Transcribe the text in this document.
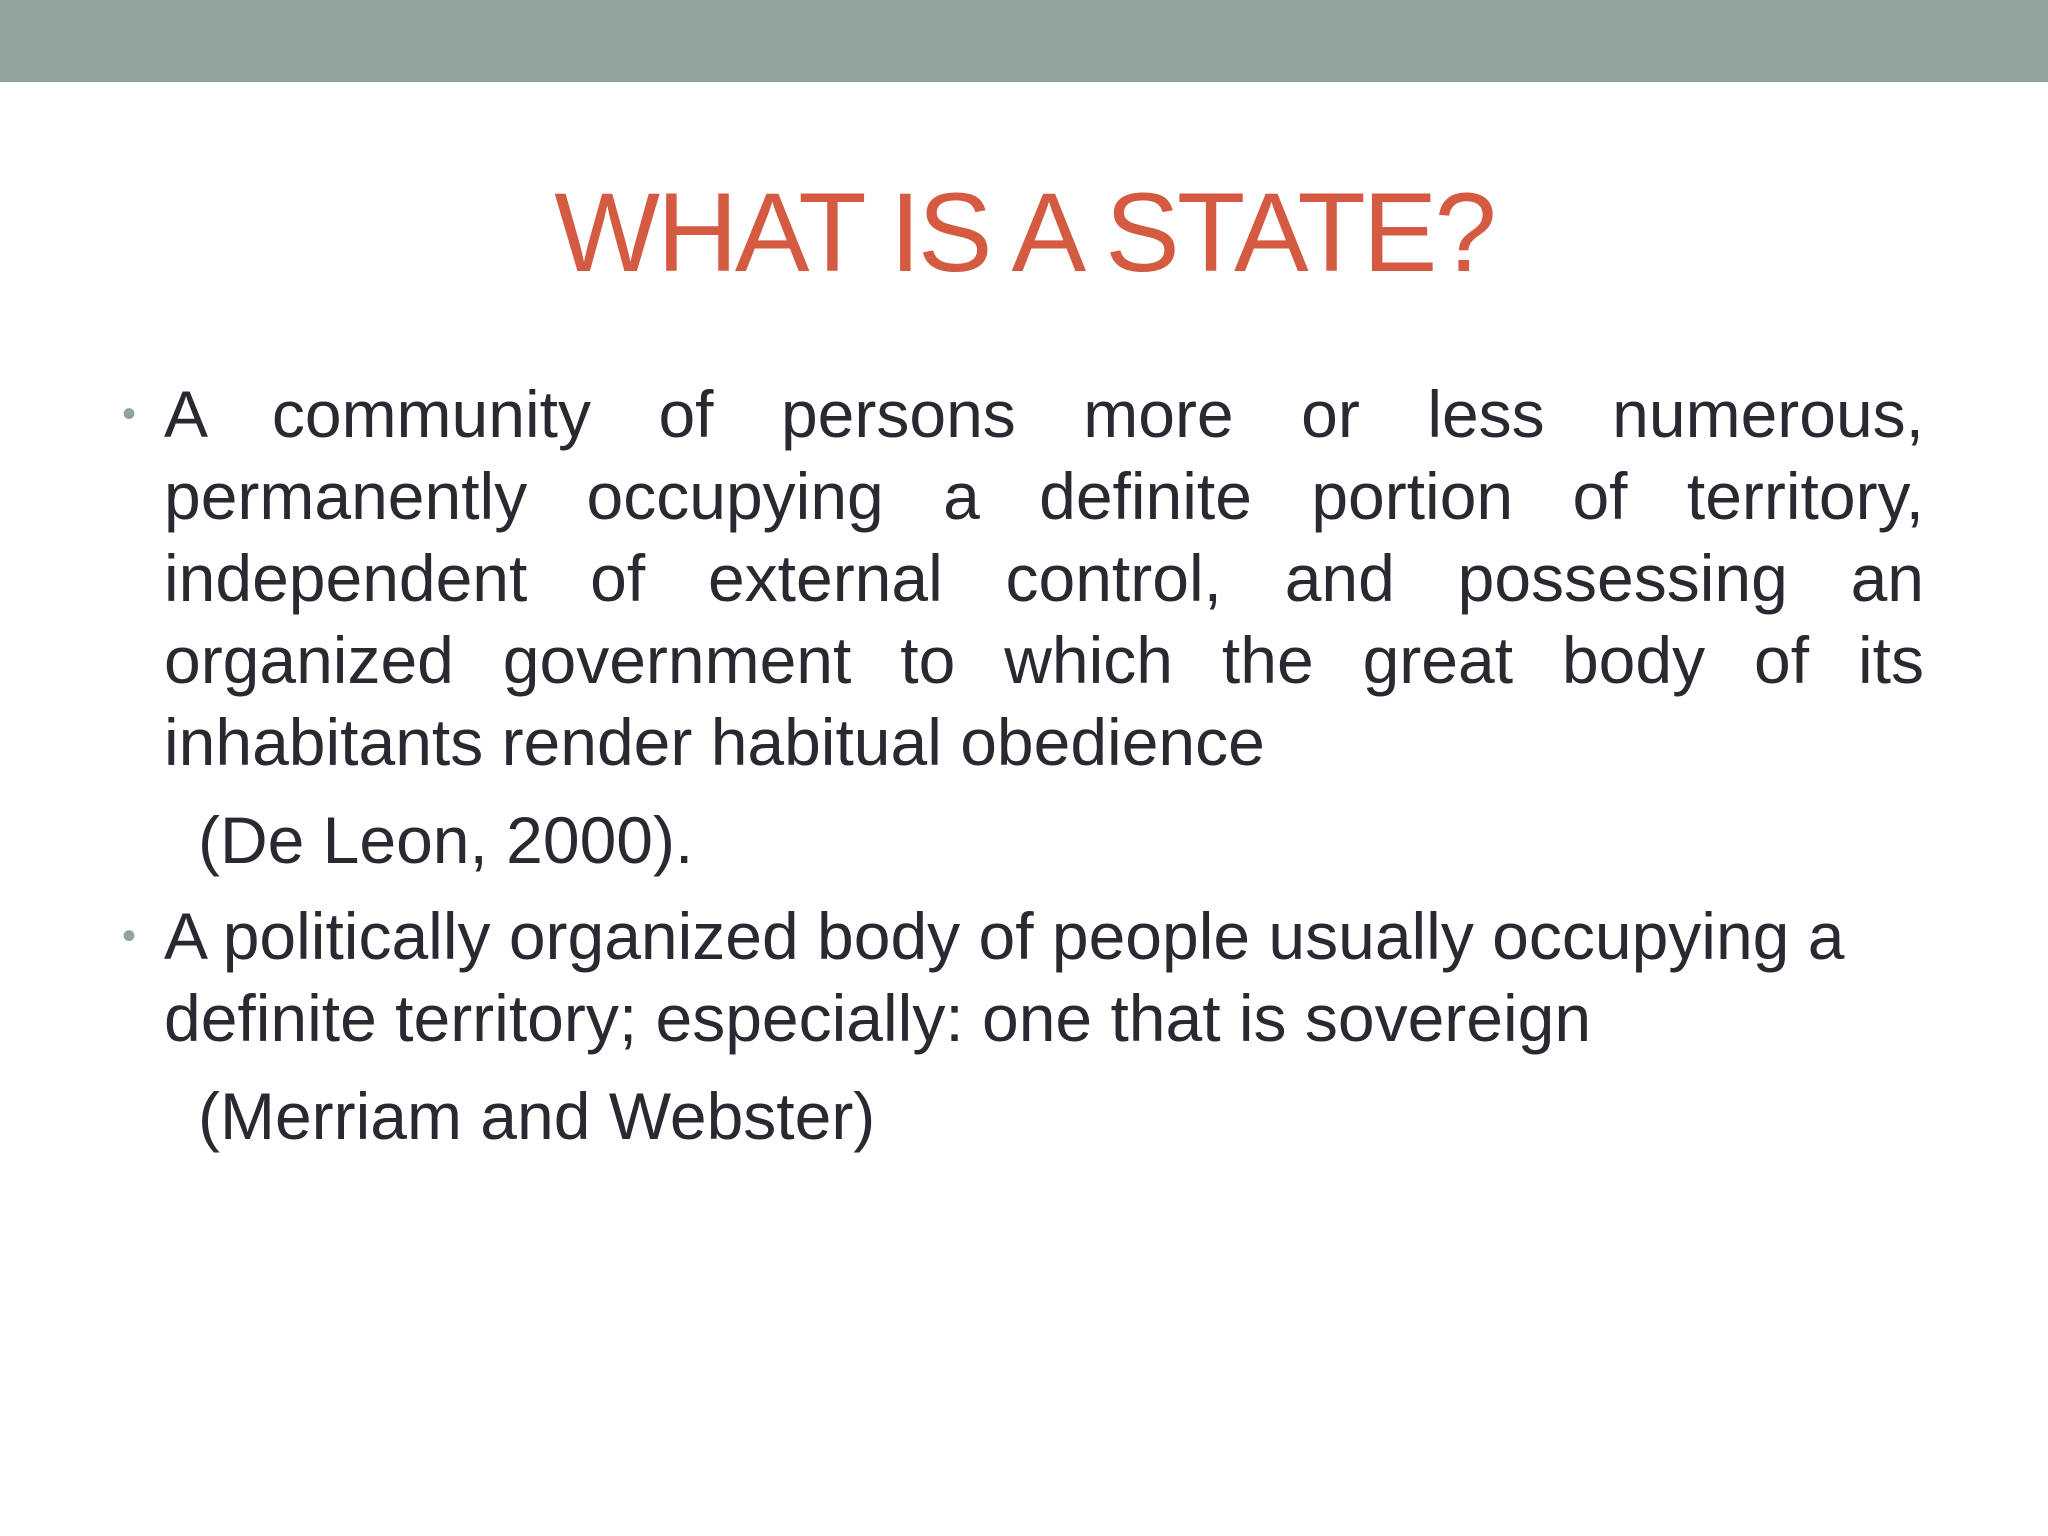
WHAT IS A STATE?
• A community of persons more or less numerous, permanently occupying a definite portion of territory, independent of external control, and possessing an organized government to which the great body of its inhabitants render habitual obedience
(De Leon, 2000).
• A politically organized body of people usually occupying a definite territory; especially: one that is sovereign
(Merriam and Webster)
